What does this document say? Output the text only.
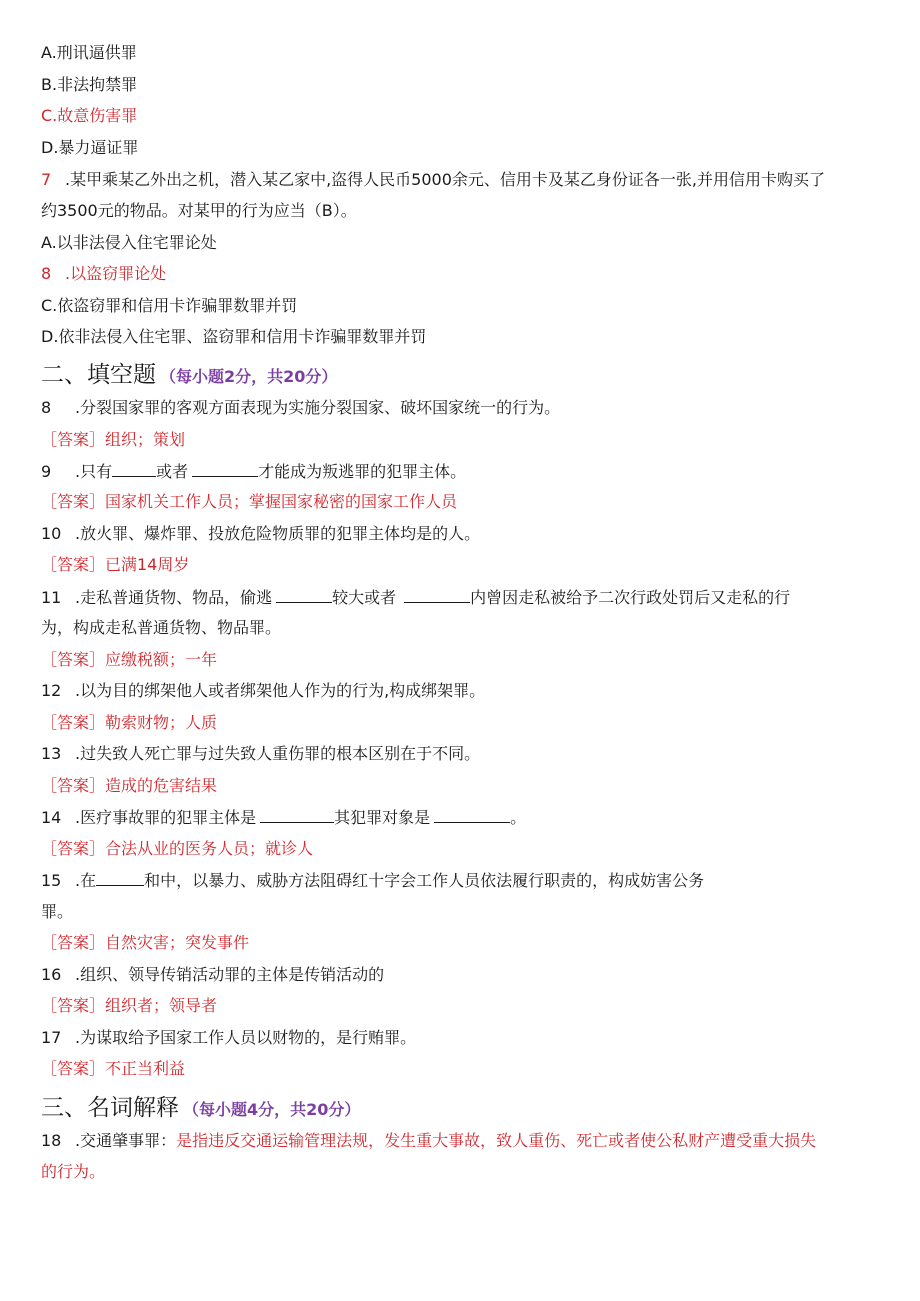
A.刑讯逼供罪
B.非法拘禁罪
C.故意伤害罪
D.暴力逼证罪
7 .某甲乘某乙外出之机，潜入某乙家中,盗得人民币5000余元、信用卡及某乙身份证各一张,并用信用卡购买了
约3500元的物品。对某甲的行为应当（B）。
A.以非法侵入住宅罪论处
8 .以盗窃罪论处
C.依盗窃罪和信用卡诈骗罪数罪并罚
D.依非法侵入住宅罪、盗窃罪和信用卡诈骗罪数罪并罚
二、填空题 （每小题2分，共20分）
8 .分裂国家罪的客观方面表现为实施分裂国家、破坏国家统一的行为。
［答案］组织；策划
9 .只有	或者	才能成为叛逃罪的犯罪主体。
［答案］国家机关工作人员；掌握国家秘密的国家工作人员
10 .放火罪、爆炸罪、投放危险物质罪的犯罪主体均是的人。
［答案］已满14周岁
11 .走私普通货物、物品，偷逃	较大或者	内曾因走私被给予二次行政处罚后又走私的行
为，构成走私普通货物、物品罪。
［答案］应缴税额；一年
12 .以为目的绑架他人或者绑架他人作为的行为,构成绑架罪。
［答案］勒索财物；人质
13 .过失致人死亡罪与过失致人重伤罪的根本区别在于不同。
［答案］造成的危害结果
14 .医疗事故罪的犯罪主体是	其犯罪对象是	。
［答案］合法从业的医务人员；就诊人
15 .在	和中，以暴力、威胁方法阻碍红十字会工作人员依法履行职责的，构成妨害公务
罪。
［答案］自然灾害；突发事件
16 .组织、领导传销活动罪的主体是传销活动的
［答案］组织者；领导者
17 .为谋取给予国家工作人员以财物的，是行贿罪。
［答案］不正当利益
三、名词解释 （每小题4分，共20分）
18 .交通肇事罪：是指违反交通运输管理法规，发生重大事故，致人重伤、死亡或者使公私财产遭受重大损失
的行为。
